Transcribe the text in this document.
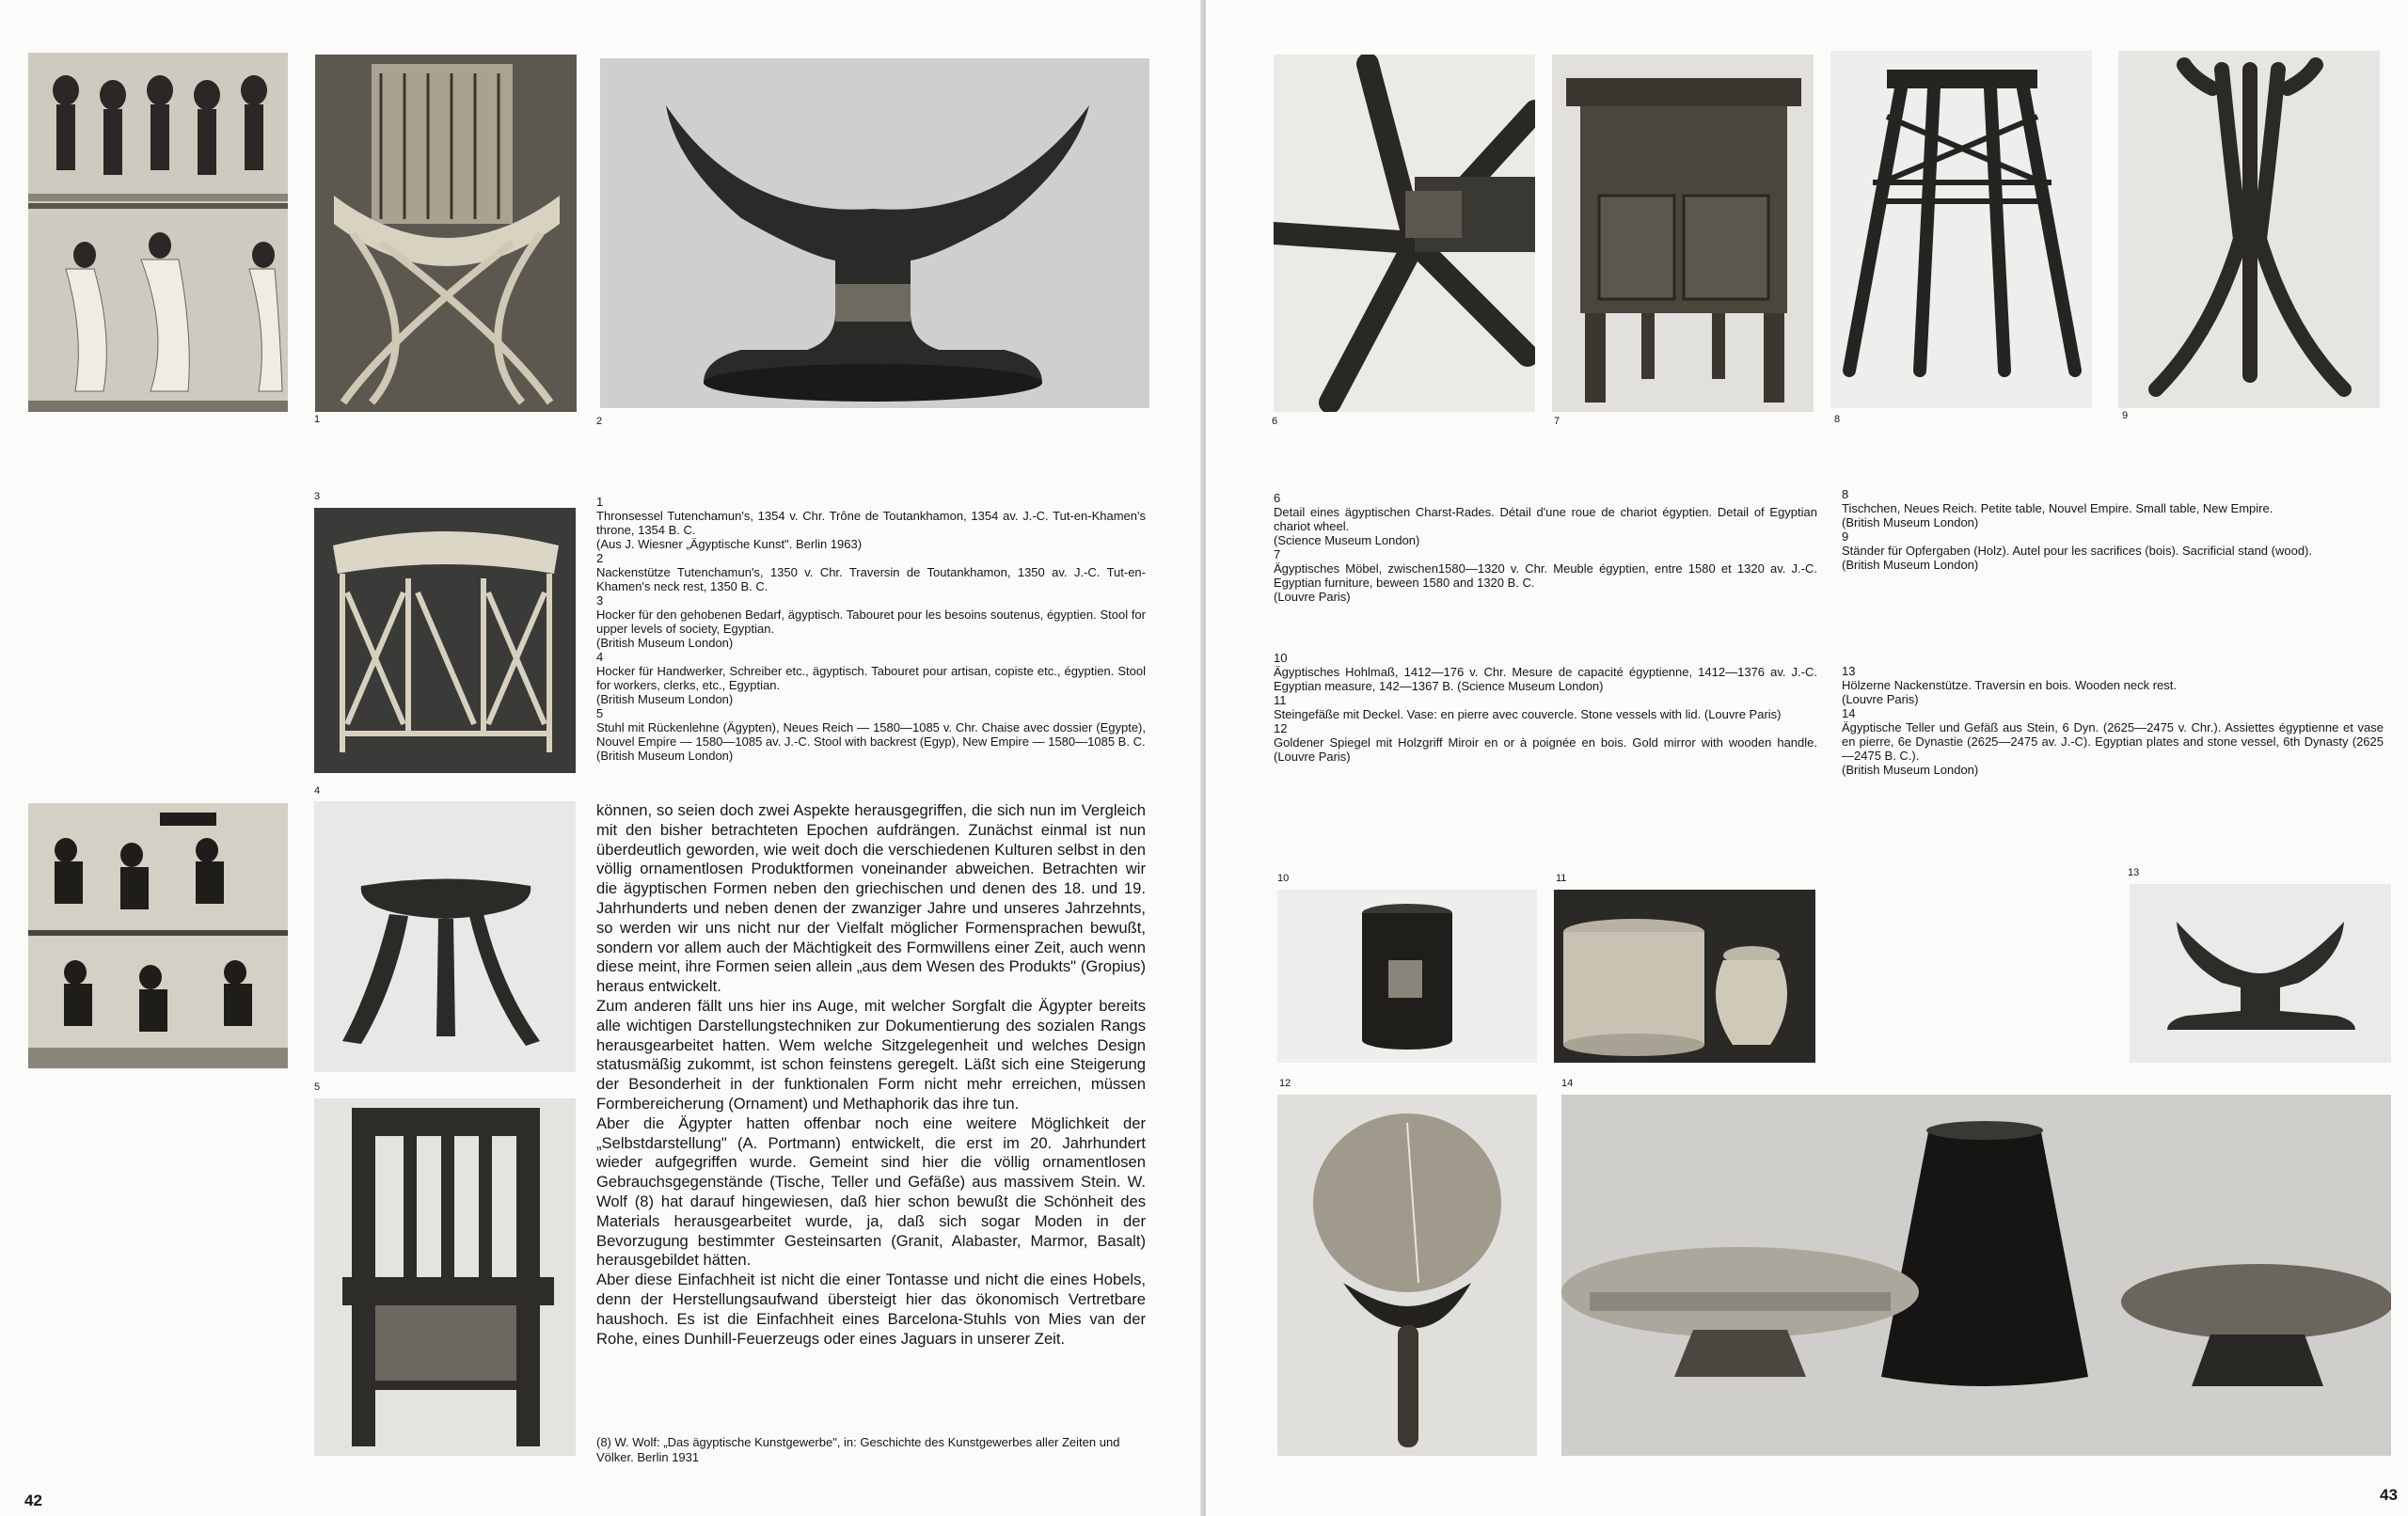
1	2
3	1

Thronsessel Tutenchamun's, 1354 v. Chr. Trône de Toutankhamon, 1354 av. J.-C. Tut-en-Khamen's throne, 1354 B. C.

(Aus J. Wiesner „Ägyptische Kunst". Berlin 1963)

2

Nackenstütze Tutenchamun's, 1350 v. Chr. Traversin de Toutankhamon, 1350 av. J.-C. Tut-en-Khamen's neck rest, 1350 B. C.

3

Hocker für den gehobenen Bedarf, ägyptisch. Tabouret pour les besoins soutenus, égyptien. Stool for upper levels of society, Egyptian.

(British Museum London)

4

Hocker für Handwerker, Schreiber etc., ägyptisch. Tabouret pour artisan, copiste etc., égyptien. Stool for workers, clerks, etc., Egyptian.

(British Museum London)

5

Stuhl mit Rückenlehne (Ägypten), Neues Reich — 1580—1085 v. Chr. Chaise avec dossier (Egypte), Nouvel Empire — 1580—1085 av. J.-C. Stool with backrest (Egyp), New Empire — 1580—1085 B. C.

(British Museum London)

4
5

können, so seien doch zwei Aspekte herausgegriffen, die sich nun im Vergleich mit den bisher betrachteten Epochen aufdrängen. Zunächst einmal ist nun überdeutlich geworden, wie weit doch die verschiedenen Kulturen selbst in den völlig ornamentlosen Produktformen voneinander abweichen. Betrachten wir die ägyptischen Formen neben den griechischen und denen des 18. und 19. Jahrhunderts und neben denen der zwanziger Jahre und unseres Jahrzehnts, so werden wir uns nicht nur der Vielfalt möglicher Formensprachen bewußt, sondern vor allem auch der Mächtigkeit des Formwillens einer Zeit, auch wenn diese meint, ihre Formen seien allein „aus dem Wesen des Produkts" (Gropius) heraus entwickelt.

Zum anderen fällt uns hier ins Auge, mit welcher Sorgfalt die Ägypter bereits alle wichtigen Darstellungstechniken zur Dokumentierung des sozialen Rangs herausgearbeitet hatten. Wem welche Sitzgelegenheit und welches Design statusmäßig zukommt, ist schon feinstens geregelt. Läßt sich eine Steigerung der Besonderheit in der funktionalen Form nicht mehr erreichen, müssen Formbereicherung (Ornament) und Methaphorik das ihre tun.

Aber die Ägypter hatten offenbar noch eine weitere Möglichkeit der „Selbstdarstellung" (A. Portmann) entwickelt, die erst im 20. Jahrhundert wieder aufgegriffen wurde. Gemeint sind hier die völlig ornamentlosen Gebrauchsgegenstände (Tische, Teller und Gefäße) aus massivem Stein. W. Wolf (8) hat darauf hingewiesen, daß hier schon bewußt die Schönheit des Materials herausgearbeitet wurde, ja, daß sich sogar Moden in der Bevorzugung bestimmter Gesteinsarten (Granit, Alabaster, Marmor, Basalt) herausgebildet hätten.

Aber diese Einfachheit ist nicht die einer Tontasse und nicht die eines Hobels, denn der Herstellungsaufwand übersteigt hier das ökonomisch Vertretbare haushoch. Es ist die Einfachheit eines Barcelona-Stuhls von Mies van der Rohe, eines Dunhill-Feuerzeugs oder eines Jaguars in unserer Zeit.

(8) W. Wolf: „Das ägyptische Kunstgewerbe", in: Geschichte des Kunstgewerbes aller Zeiten und Völker. Berlin 1931
42
6	7	8	9

6

Detail eines ägyptischen Charst-Rades. Détail d'une roue de chariot égyptien. Detail of Egyptian chariot wheel.

(Science Museum London)

7

Ägyptisches Möbel, zwischen1580—1320 v. Chr. Meuble égyptien, entre 1580 et 1320 av. J.-C. Egyptian furniture, beween 1580 and 1320 B. C.

(Louvre Paris)

8

Tischchen, Neues Reich. Petite table, Nouvel Empire. Small table, New Empire.

(British Museum London)

9

Ständer für Opfergaben (Holz). Autel pour les sacrifices (bois). Sacrificial stand (wood).

(British Museum London)

10

Ägyptisches Hohlmaß, 1412—176 v. Chr. Mesure de capacité égyptienne, 1412—1376 av. J.-C. Egyptian measure, 142—1367 B. (Science Museum London)

11

Steingefäße mit Deckel. Vase: en pierre avec couvercle. Stone vessels with lid. (Louvre Paris)

12

Goldener Spiegel mit Holzgriff Miroir en or à poignée en bois. Gold mirror with wooden handle. (Louvre Paris)

13

Hölzerne Nackenstütze. Traversin en bois. Wooden neck rest.

(Louvre Paris)

14

Ägyptische Teller und Gefäß aus Stein, 6 Dyn. (2625—2475 v. Chr.). Assiettes égyptienne et vase en pierre, 6e Dynastie (2625—2475 av. J.-C). Egyptian plates and stone vessel, 6th Dynasty (2625—2475 B. C.).

(British Museum London)

10	11	13
12	14
43
